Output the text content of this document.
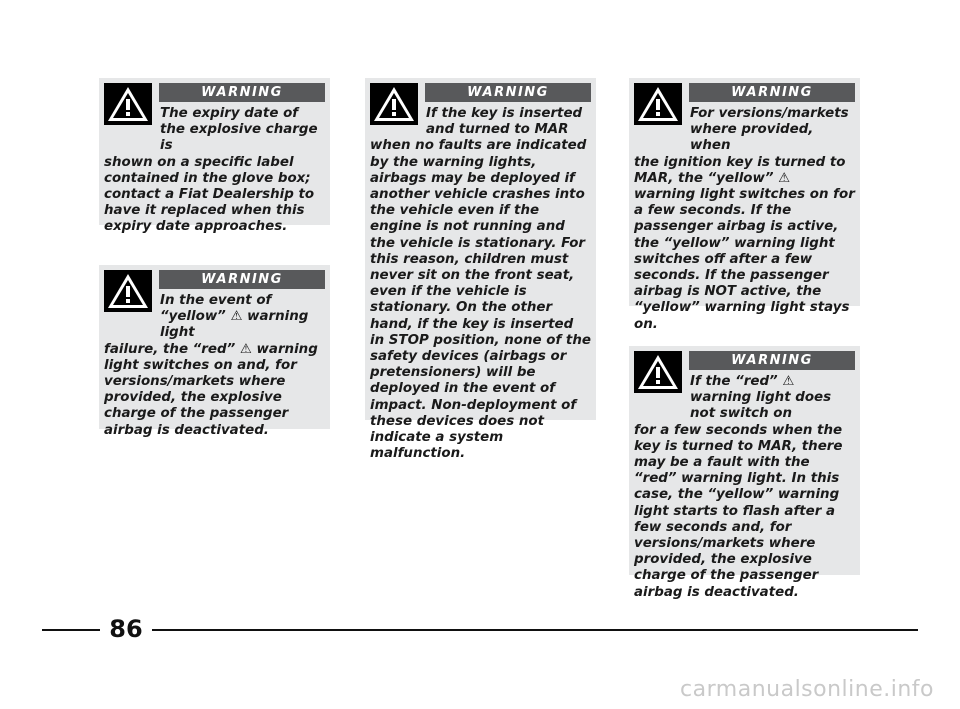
WARNING
The expiry date of the explosive charge is
shown on a specific label contained in the glove box; contact a Fiat Dealership to have it replaced when this expiry date approaches.
WARNING
In the event of “yellow” ⚠ warning light
failure, the “red” ⚠ warning light switches on and, for versions/markets where provided, the explosive charge of the passenger airbag is deactivated.
WARNING
If the key is inserted and turned to MAR
when no faults are indicated by the warning lights, airbags may be deployed if another vehicle crashes into the vehicle even if the engine is not running and the vehicle is stationary. For this reason, children must never sit on the front seat, even if the vehicle is stationary. On the other hand, if the key is inserted in STOP position, none of the safety devices (airbags or pretensioners) will be deployed in the event of impact. Non-deployment of these devices does not indicate a system malfunction.
WARNING
For versions/markets where provided, when
the ignition key is turned to MAR, the “yellow” ⚠ warning light switches on for a few seconds. If the passenger airbag is active, the “yellow” warning light switches off after a few seconds. If the passenger airbag is NOT active, the “yellow” warning light stays on.
WARNING
If the “red” ⚠ warning light does not switch on
for a few seconds when the key is turned to MAR, there may be a fault with the “red” warning light. In this case, the “yellow” warning light starts to flash after a few seconds and, for versions/markets where provided, the explosive charge of the passenger airbag is deactivated.
86
carmanualsonline.info
